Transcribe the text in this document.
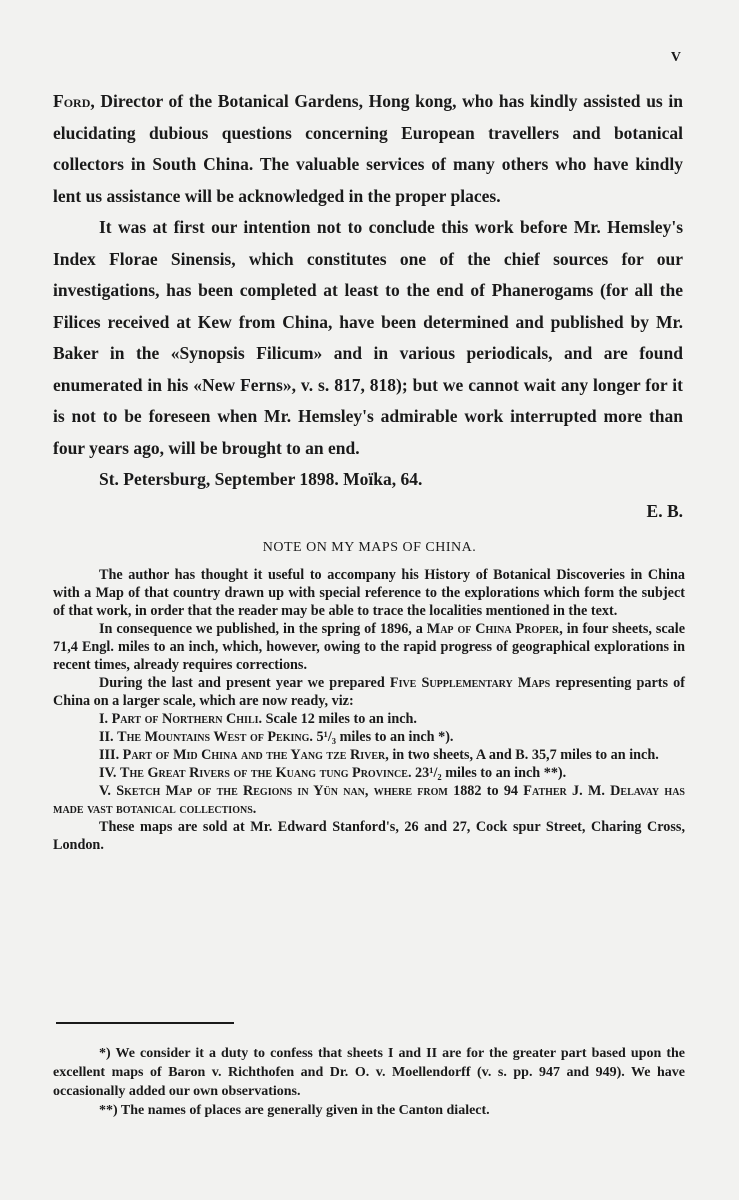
V

Ford, Director of the Botanical Gardens, Hong kong, who has kindly assisted us in elucidating dubious questions concerning European travellers and botanical collectors in South China. The valuable services of many others who have kindly lent us assistance will be acknowledged in the proper places.

It was at first our intention not to conclude this work before Mr. Hemsley's Index Florae Sinensis, which constitutes one of the chief sources for our investigations, has been completed at least to the end of Phanerogams (for all the Filices received at Kew from China, have been determined and published by Mr. Baker in the «Synopsis Filicum» and in various periodicals, and are found enumerated in his «New Ferns», v. s. 817, 818); but we cannot wait any longer for it is not to be foreseen when Mr. Hemsley's admirable work interrupted more than four years ago, will be brought to an end.

St. Petersburg, September 1898. Moïka, 64.

E. B.

NOTE ON MY MAPS OF CHINA.

The author has thought it useful to accompany his History of Botanical Discoveries in China with a Map of that country drawn up with special reference to the explorations which form the subject of that work, in order that the reader may be able to trace the localities mentioned in the text.

In consequence we published, in the spring of 1896, a Map of China Proper, in four sheets, scale 71,4 Engl. miles to an inch, which, however, owing to the rapid progress of geographical explorations in recent times, already requires corrections.

During the last and present year we prepared Five Supplementary Maps representing parts of China on a larger scale, which are now ready, viz:

I. Part of Northern Chili. Scale 12 miles to an inch.

II. The Mountains West of Peking. 5¹/₃ miles to an inch *).

III. Part of Mid China and the Yang tze River, in two sheets, A and B. 35,7 miles to an inch.

IV. The Great Rivers of the Kuang tung Province. 23¹/₂ miles to an inch **).

V. Sketch Map of the Regions in Yün nan, where from 1882 to 94 Father J. M. Delavay has made vast botanical collections.

These maps are sold at Mr. Edward Stanford's, 26 and 27, Cock spur Street, Charing Cross, London.

*) We consider it a duty to confess that sheets I and II are for the greater part based upon the excellent maps of Baron v. Richthofen and Dr. O. v. Moellendorff (v. s. pp. 947 and 949). We have occasionally added our own observations.

**) The names of places are generally given in the Canton dialect.
